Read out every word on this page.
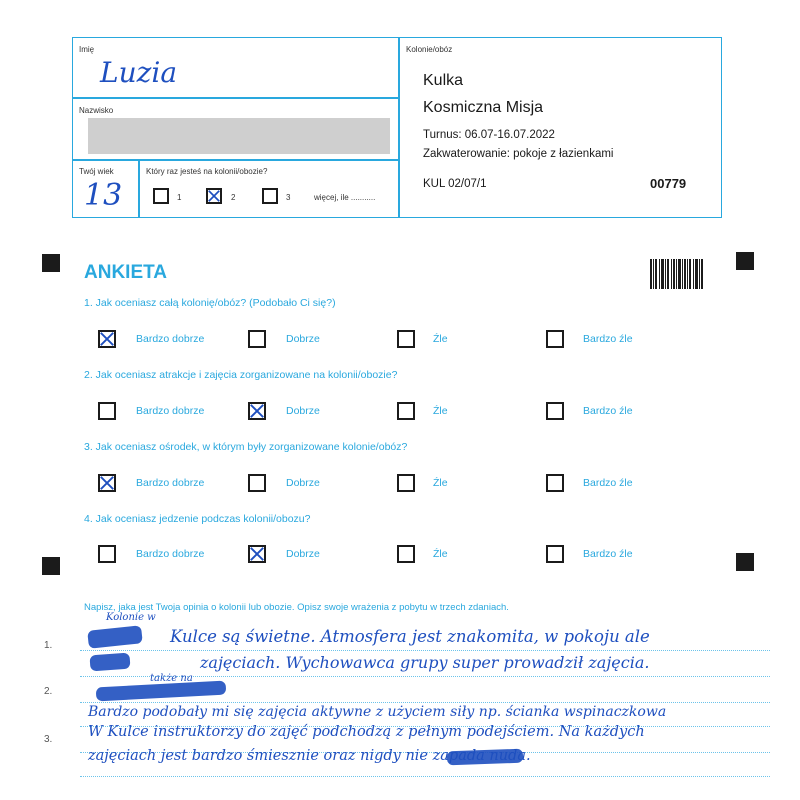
Imię
Luzia
Nazwisko
Twój wiek
13
Który raz jesteś na kolonii/obozie?
1	2	3	więcej, ile ...........
Kolonie/obóz
Kulka
Kosmiczna Misja
Turnus: 06.07-16.07.2022
Zakwaterowanie: pokoje z łazienkami
KUL 02/07/1	00779
ANKIETA
1. Jak oceniasz całą kolonię/obóz? (Podobało Ci się?)
Bardzo dobrze	Dobrze	Źle	Bardzo źle
2. Jak oceniasz atrakcje i zajęcia zorganizowane na kolonii/obozie?
Bardzo dobrze	Dobrze	Źle	Bardzo źle
3. Jak oceniasz ośrodek, w którym były zorganizowane kolonie/obóz?
Bardzo dobrze	Dobrze	Źle	Bardzo źle
4. Jak oceniasz jedzenie podczas kolonii/obozu?
Bardzo dobrze	Dobrze	Źle	Bardzo źle
Napisz, jaka jest Twoja opinia o kolonii lub obozie. Opisz swoje wrażenia z pobytu w trzech zdaniach.
1.
2.
3.
Kolonie w
Kulce są świetne. Atmosfera jest znakomita, w pokoju ale
zajęciach. Wychowawca grupy super prowadził zajęcia.
także na
Bardzo podobały mi się zajęcia aktywne z użyciem siły np. ścianka wspinaczkowa
W Kulce instruktorzy do zajęć podchodzą z pełnym podejściem. Na każdych
zajęciach jest bardzo śmiesznie oraz nigdy nie zapada nuda.
